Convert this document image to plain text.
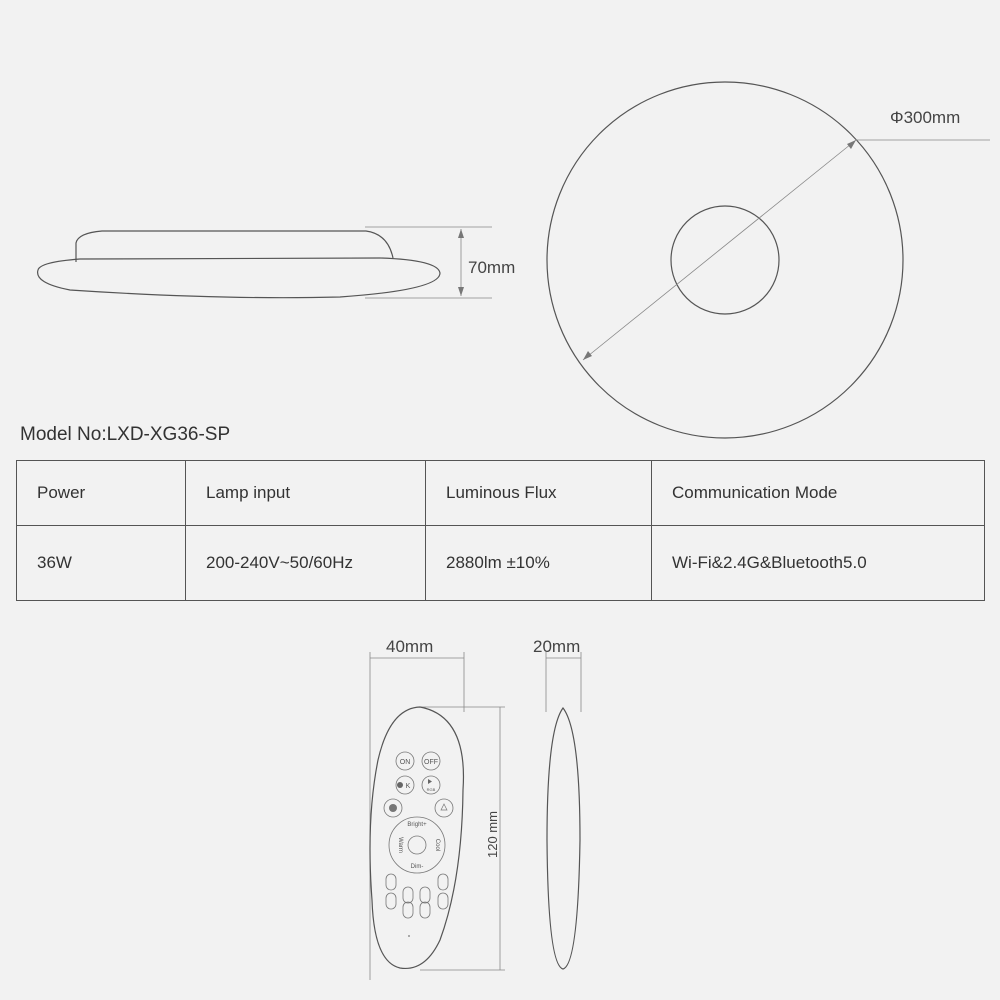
70mm
Φ300mm
40mm
120 mm
ON OFF
K	RGB
Bright+
Dim-
Warm	Cool
20mm
Model No:LXD-XG36-SP
Power	Lamp input	Luminous Flux	Communication Mode
36W	200-240V~50/60Hz	2880lm ±10%	Wi-Fi&2.4G&Bluetooth5.0
